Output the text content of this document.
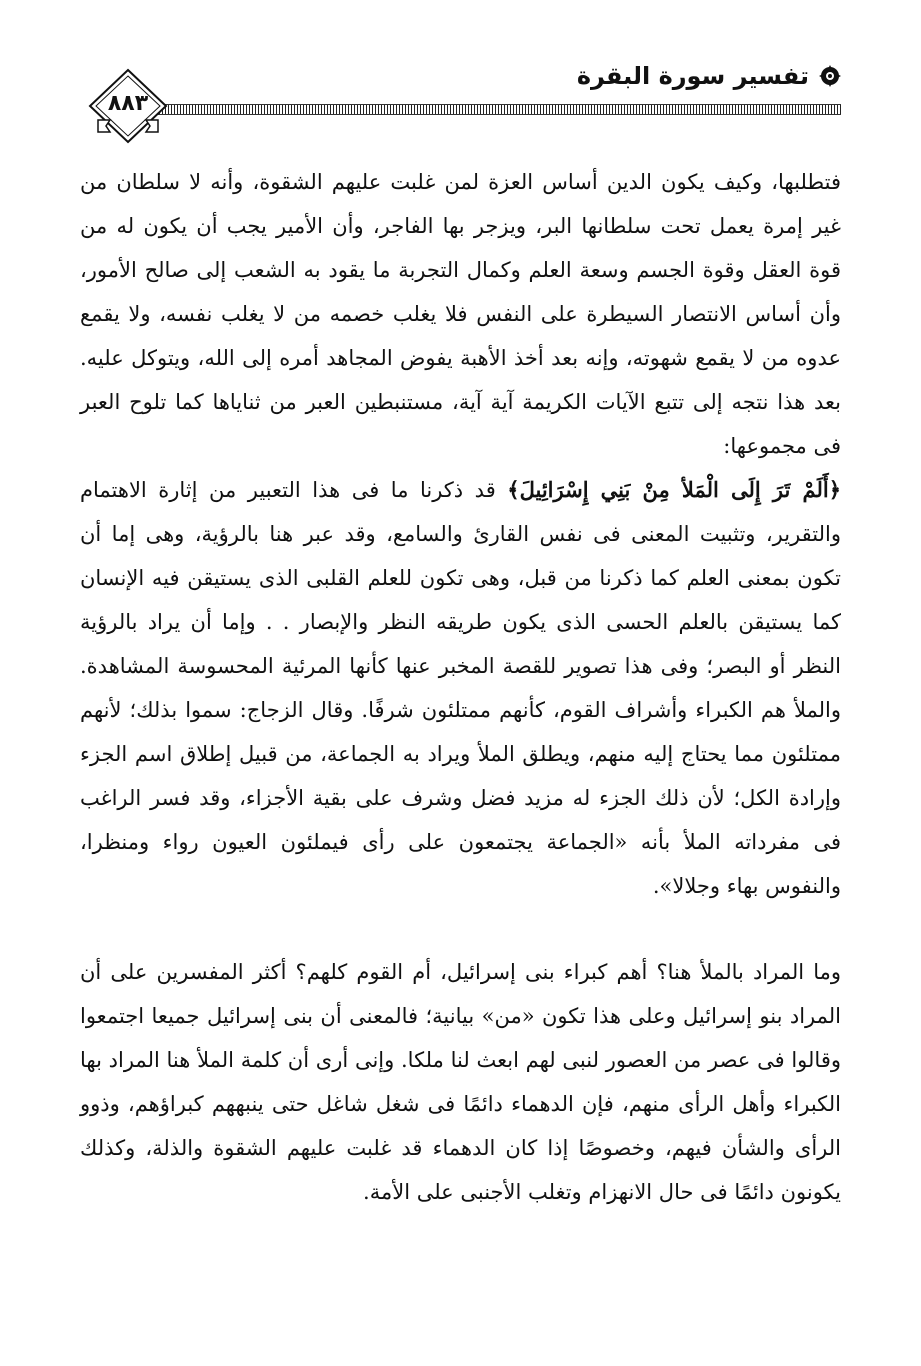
تفسير سورة البقرة
٨٨٣

فتطلبها، وكيف يكون الدين أساس العزة لمن غلبت عليهم الشقوة، وأنه لا سلطان من غير إمرة يعمل تحت سلطانها البر، ويزجر بها الفاجر، وأن الأمير يجب أن يكون له من قوة العقل وقوة الجسم وسعة العلم وكمال التجربة ما يقود به الشعب إلى صالح الأمور، وأن أساس الانتصار السيطرة على النفس فلا يغلب خصمه من لا يغلب نفسه، ولا يقمع عدوه من لا يقمع شهوته، وإنه بعد أخذ الأهبة يفوض المجاهد أمره إلى الله، ويتوكل عليه. بعد هذا نتجه إلى تتبع الآيات الكريمة آية آية، مستنبطين العبر من ثناياها كما تلوح العبر فى مجموعها:

﴿أَلَمْ تَرَ إِلَى الْمَلأ مِنْ بَنِي إِسْرَائِيلَ﴾ قد ذكرنا ما فى هذا التعبير من إثارة الاهتمام والتقرير، وتثبيت المعنى فى نفس القارئ والسامع، وقد عبر هنا بالرؤية، وهى إما أن تكون بمعنى العلم كما ذكرنا من قبل، وهى تكون للعلم القلبى الذى يستيقن فيه الإنسان كما يستيقن بالعلم الحسى الذى يكون طريقه النظر والإبصار . . وإما أن يراد بالرؤية النظر أو البصر؛ وفى هذا تصوير للقصة المخبر عنها كأنها المرئية المحسوسة المشاهدة. والملأ هم الكبراء وأشراف القوم، كأنهم ممتلئون شرفًا. وقال الزجاج: سموا بذلك؛ لأنهم ممتلئون مما يحتاج إليه منهم، ويطلق الملأ ويراد به الجماعة، من قبيل إطلاق اسم الجزء وإرادة الكل؛ لأن ذلك الجزء له مزيد فضل وشرف على بقية الأجزاء، وقد فسر الراغب فى مفرداته الملأ بأنه «الجماعة يجتمعون على رأى فيملئون العيون رواء ومنظرا، والنفوس بهاء وجلالا».

وما المراد بالملأ هنا؟ أهم كبراء بنى إسرائيل، أم القوم كلهم؟ أكثر المفسرين على أن المراد بنو إسرائيل وعلى هذا تكون «من» بيانية؛ فالمعنى أن بنى إسرائيل جميعا اجتمعوا وقالوا فى عصر من العصور لنبى لهم ابعث لنا ملكا. وإنى أرى أن كلمة الملأ هنا المراد بها الكبراء وأهل الرأى منهم، فإن الدهماء دائمًا فى شغل شاغل حتى ينبههم كبراؤهم، وذوو الرأى والشأن فيهم، وخصوصًا إذا كان الدهماء قد غلبت عليهم الشقوة والذلة، وكذلك يكونون دائمًا فى حال الانهزام وتغلب الأجنبى على الأمة.
